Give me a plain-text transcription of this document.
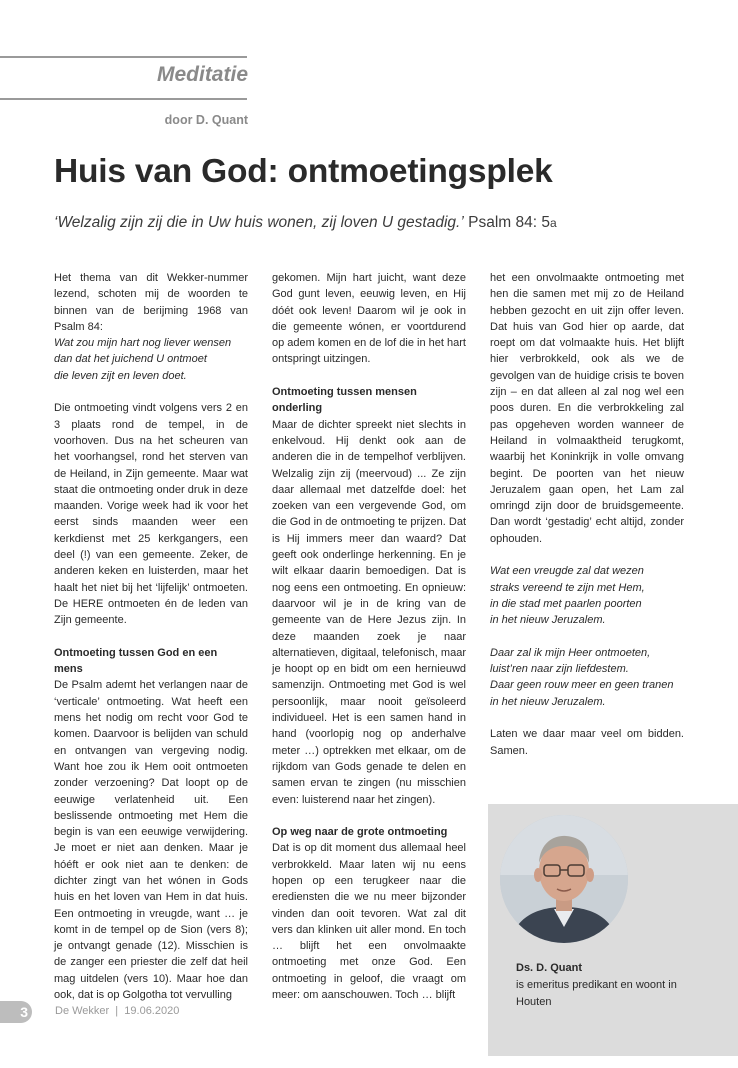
Meditatie
door D. Quant
Huis van God: ontmoetingsplek
‘Welzalig zijn zij die in Uw huis wonen, zij loven U gestadig.’ Psalm 84: 5a

Het thema van dit Wekker-nummer lezend, schoten mij de woorden te binnen van de berijming 1968 van Psalm 84:

Wat zou mijn hart nog liever wensen
dan dat het juichend U ontmoet
die leven zijt en leven doet.

Die ontmoeting vindt volgens vers 2 en 3 plaats rond de tempel, in de voorhoven. Dus na het scheuren van het voorhangsel, rond het sterven van de Heiland, in Zijn gemeente. Maar wat staat die ontmoeting onder druk in deze maanden. Vorige week had ik voor het eerst sinds maanden weer een kerkdienst met 25 kerkgangers, een deel (!) van een gemeente. Zeker, de anderen keken en luisterden, maar het haalt het niet bij het ‘lijfelijk’ ontmoeten. De HERE ontmoeten én de leden van Zijn gemeente.

Ontmoeting tussen God en een mens

De Psalm ademt het verlangen naar de ‘verticale’ ontmoeting. Wat heeft een mens het nodig om recht voor God te komen. Daarvoor is belijden van schuld en ontvangen van vergeving nodig. Want hoe zou ik Hem ooit ontmoeten zonder verzoening? Dat loopt op de eeuwige verlatenheid uit. Een beslissende ontmoeting met Hem die begin is van een eeuwige verwijdering. Je moet er niet aan denken. Maar je hóéft er ook niet aan te denken: de dichter zingt van het wónen in Gods huis en het loven van Hem in dat huis. Een ontmoeting in vreugde, want … je komt in de tempel op de Sion (vers 8); je ontvangt genade (12). Misschien is de zanger een priester die zelf dat heil mag uitdelen (vers 10). Maar hoe dan ook, dat is op Golgotha tot vervulling

gekomen. Mijn hart juicht, want deze God gunt leven, eeuwig leven, en Hij dóét ook leven! Daarom wil je ook in die gemeente wónen, er voortdurend op adem komen en de lof die in het hart ontspringt uitzingen.

Ontmoeting tussen mensen onderling

Maar de dichter spreekt niet slechts in enkelvoud. Hij denkt ook aan de anderen die in de tempelhof verblijven. Welzalig zijn zij (meervoud) ... Ze zijn daar allemaal met datzelfde doel: het zoeken van een vergevende God, om die God in de ontmoeting te prijzen. Dat is Hij immers meer dan waard? Dat geeft ook onderlinge herkenning. En je wilt elkaar daarin bemoedigen. Dat is nog eens een ontmoeting. En opnieuw: daarvoor wil je in de kring van de gemeente van de Here Jezus zijn. In deze maanden zoek je naar alternatieven, digitaal, telefonisch, maar je hoopt op en bidt om een hernieuwd samenzijn. Ontmoeting met God is wel persoonlijk, maar nooit geïsoleerd individueel. Het is een samen hand in hand (voorlopig nog op anderhalve meter …) optrekken met elkaar, om de rijkdom van Gods genade te delen en samen ervan te zingen (nu misschien even: luisterend naar het zingen).

Op weg naar de grote ontmoeting

Dat is op dit moment dus allemaal heel verbrokkeld. Maar laten wij nu eens hopen op een terugkeer naar die erediensten die we nu meer bijzonder vinden dan ooit tevoren. Wat zal dit vers dan klinken uit aller mond. En toch … blijft het een onvolmaakte ontmoeting met onze God. Een ontmoeting in geloof, die vraagt om meer: om aanschouwen. Toch … blijft

het een onvolmaakte ontmoeting met hen die samen met mij zo de Heiland hebben gezocht en uit zijn offer leven. Dat huis van God hier op aarde, dat roept om dat volmaakte huis. Het blijft hier verbrokkeld, ook als we de gevolgen van de huidige crisis te boven zijn – en dat alleen al zal nog wel een poos duren. En die verbrokkeling zal pas opgeheven worden wanneer de Heiland in volmaaktheid terugkomt, waarbij het Koninkrijk in volle omvang begint. De poorten van het nieuw Jeruzalem gaan open, het Lam zal omringd zijn door de bruidsgemeente. Dan wordt ‘gestadig’ echt altijd, zonder ophouden.

Wat een vreugde zal dat wezen
straks vereend te zijn met Hem,
in die stad met paarlen poorten
in het nieuw Jeruzalem.
Daar zal ik mijn Heer ontmoeten,
luist’ren naar zijn liefdestem.
Daar geen rouw meer en geen tranen
in het nieuw Jeruzalem.

Laten we daar maar veel om bidden. Samen.

Ds. D. Quant
is emeritus predikant en woont in
Houten
3	De Wekker  |  19.06.2020
